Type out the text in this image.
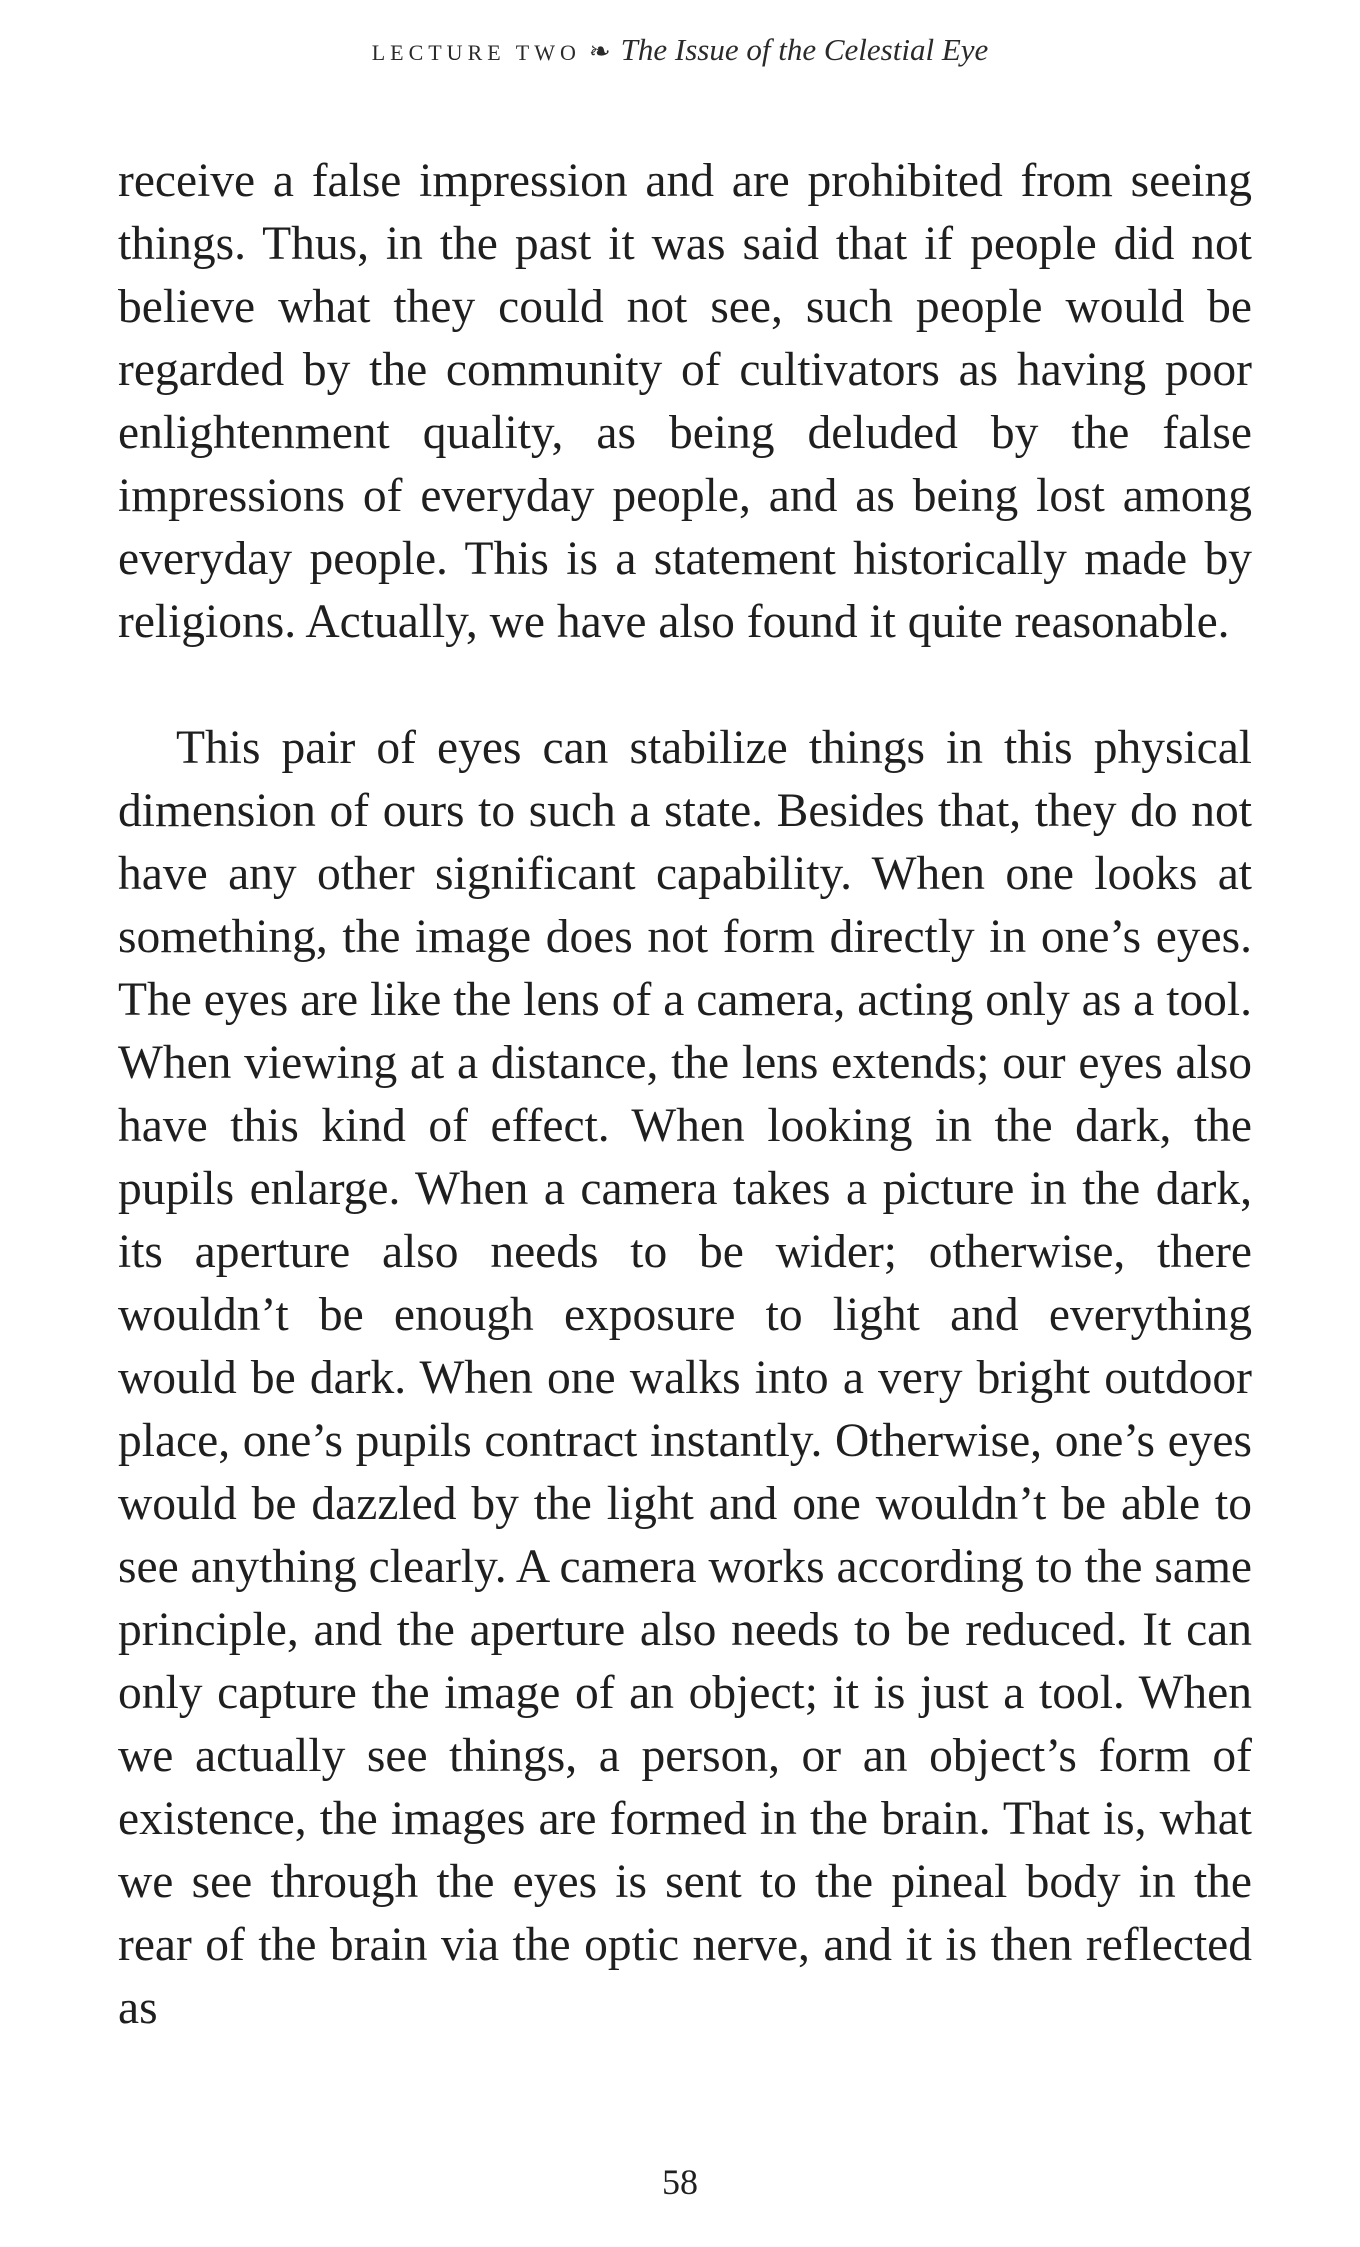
LECTURE TWO ❧ The Issue of the Celestial Eye

receive a false impression and are prohibited from seeing things. Thus, in the past it was said that if people did not believe what they could not see, such people would be regarded by the community of cultivators as having poor enlightenment quality, as being deluded by the false impressions of everyday people, and as being lost among everyday people. This is a statement historically made by religions. Actually, we have also found it quite reasonable.

This pair of eyes can stabilize things in this physical dimension of ours to such a state. Besides that, they do not have any other significant capability. When one looks at something, the image does not form directly in one’s eyes. The eyes are like the lens of a camera, acting only as a tool. When viewing at a distance, the lens extends; our eyes also have this kind of effect. When looking in the dark, the pupils enlarge. When a camera takes a picture in the dark, its aperture also needs to be wider; otherwise, there wouldn’t be enough exposure to light and everything would be dark. When one walks into a very bright outdoor place, one’s pupils contract instantly. Otherwise, one’s eyes would be dazzled by the light and one wouldn’t be able to see anything clearly. A camera works according to the same principle, and the aperture also needs to be reduced. It can only capture the image of an object; it is just a tool. When we actually see things, a person, or an object’s form of existence, the images are formed in the brain. That is, what we see through the eyes is sent to the pineal body in the rear of the brain via the optic nerve, and it is then reflected as

58
